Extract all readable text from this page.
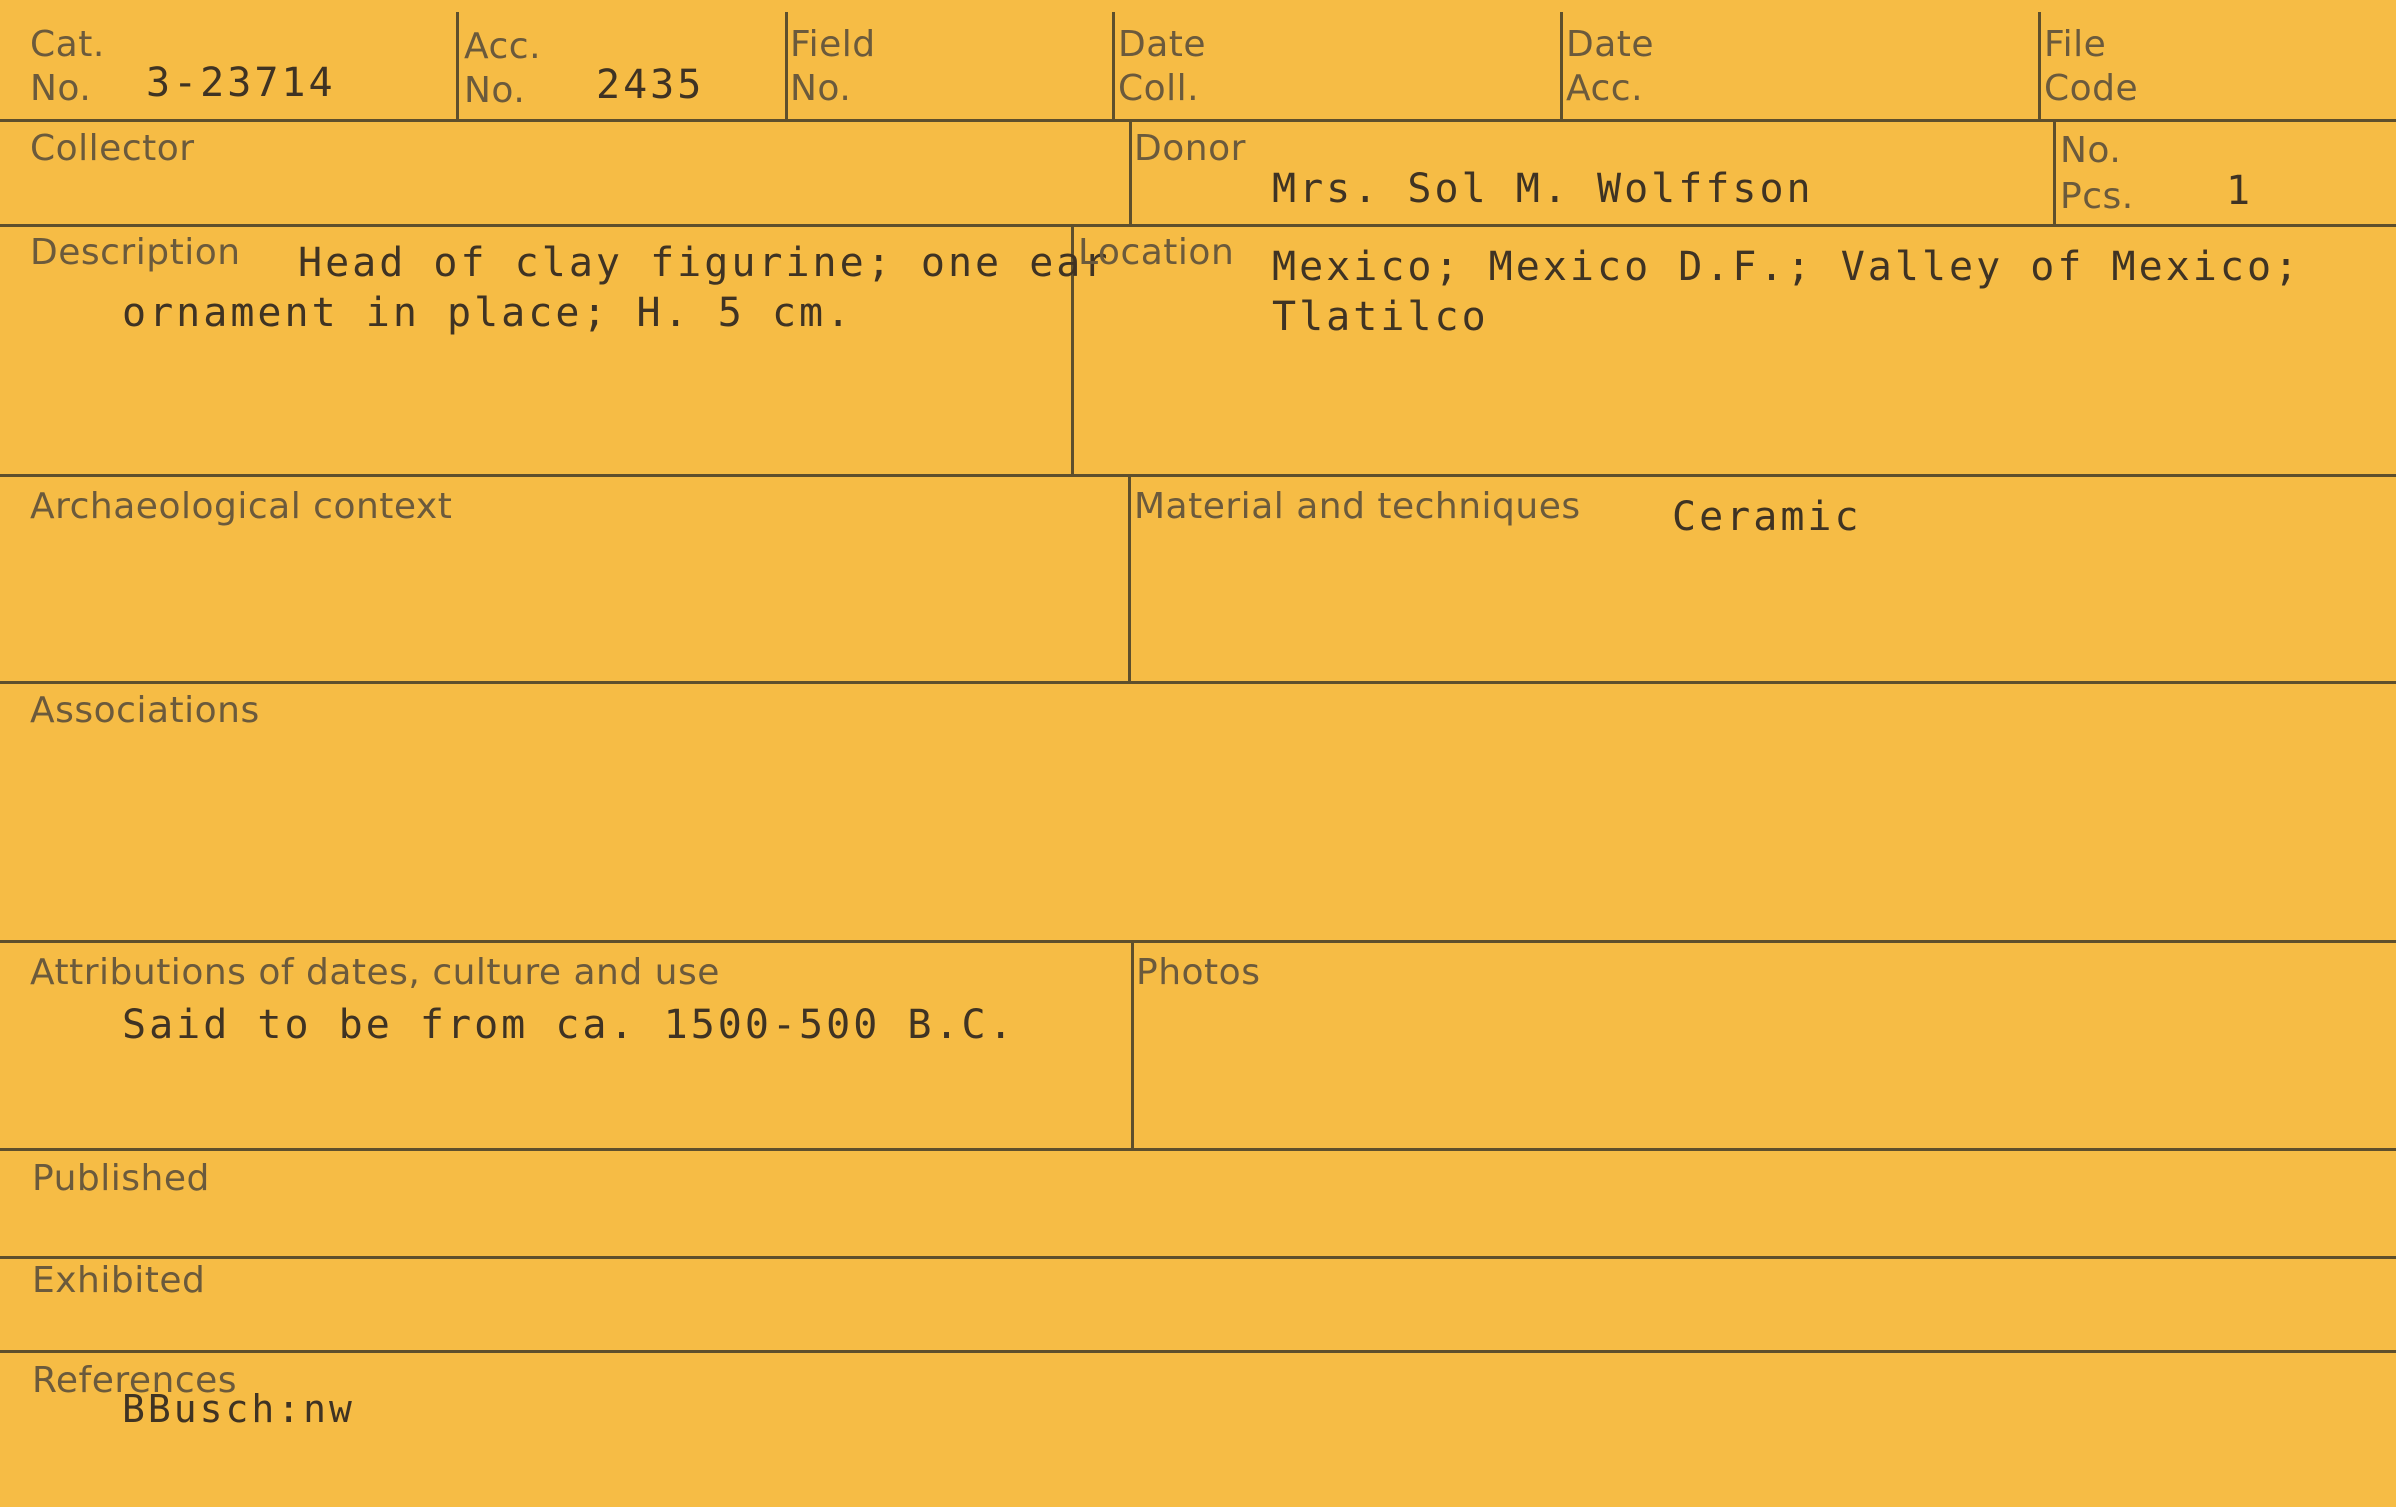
Cat.
No. 3-23714
Acc.
No. 2435
Field
No.
Date
Coll.
Date
Acc.
File
Code
Collector	Donor
Mrs. Sol M. Wolffson
No.
Pcs. 1
Description Head of clay figurine; one ear
ornament in place; H. 5 cm.
Location Mexico; Mexico D.F.; Valley of Mexico;
Tlatilco
Archaeological context	Material and techniques Ceramic
Associations
Attributions of dates, culture and use
Said to be from ca. 1500-500 B.C.
Photos
Published
Exhibited
References
BBusch:nw
